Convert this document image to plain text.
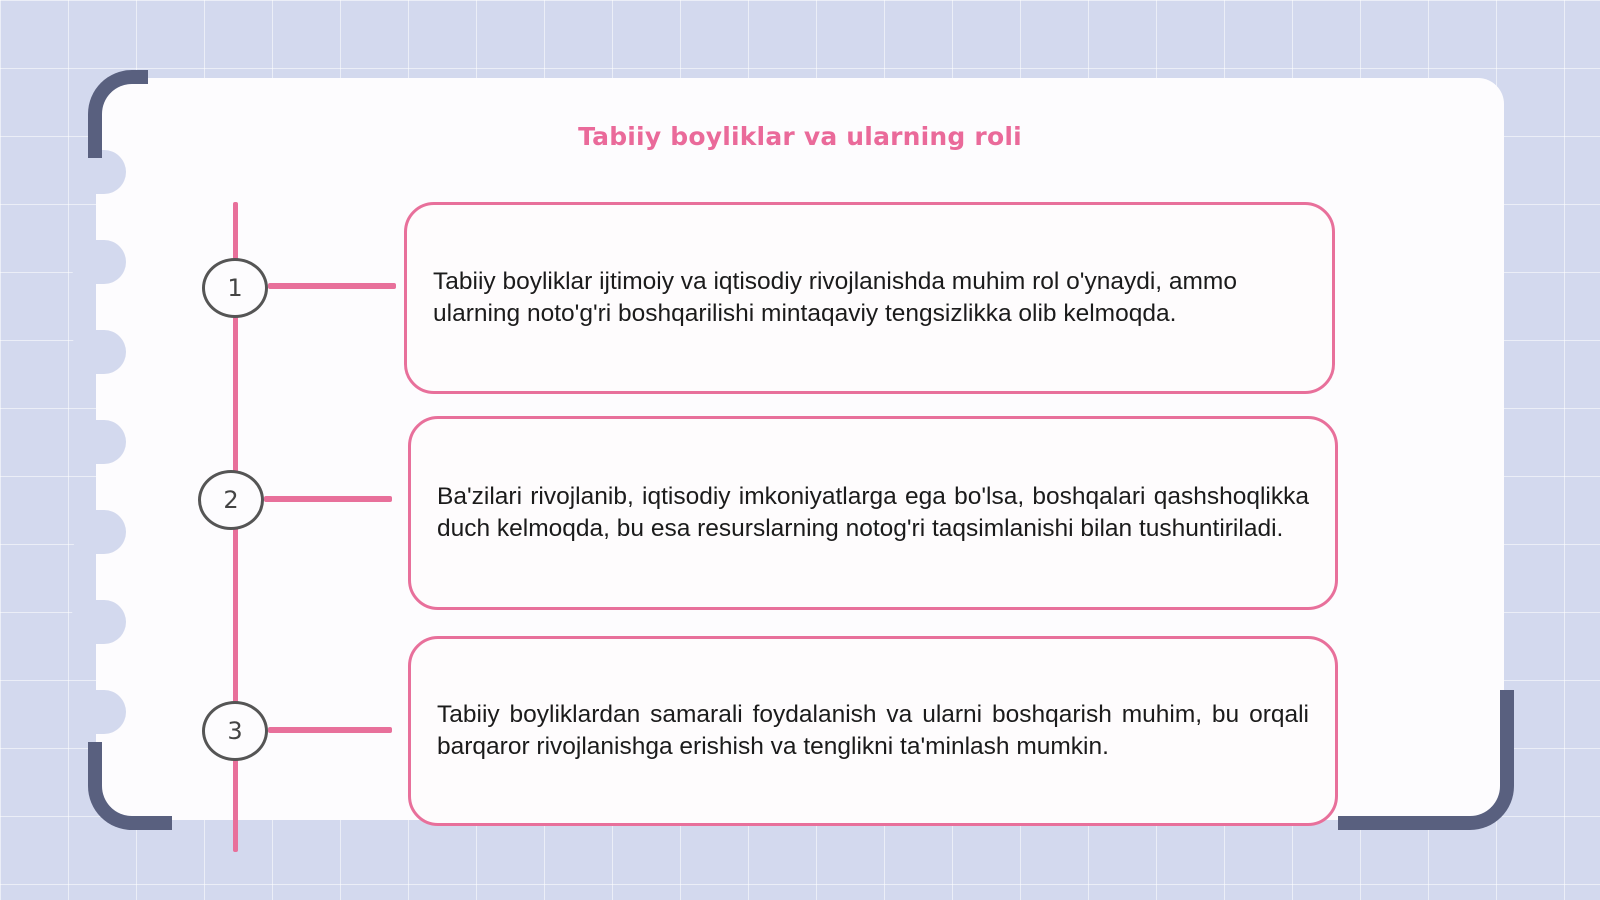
Tabiiy boyliklar va ularning roli
1	Tabiiy boyliklar ijtimoiy va iqtisodiy rivojlanishda muhim rol o'ynaydi, ammo ularning noto'g'ri boshqarilishi mintaqaviy tengsizlikka olib kelmoqda.

2	Ba'zilari rivojlanib, iqtisodiy imkoniyatlarga ega bo'lsa, boshqalari qashshoqlikka duch kelmoqda, bu esa resurslarning notog'ri taqsimlanishi bilan tushuntiriladi.

3

Tabiiy boyliklardan samarali foydalanish va ularni boshqarish muhim, bu orqali barqaror rivojlanishga erishish va tenglikni ta'minlash mumkin.
